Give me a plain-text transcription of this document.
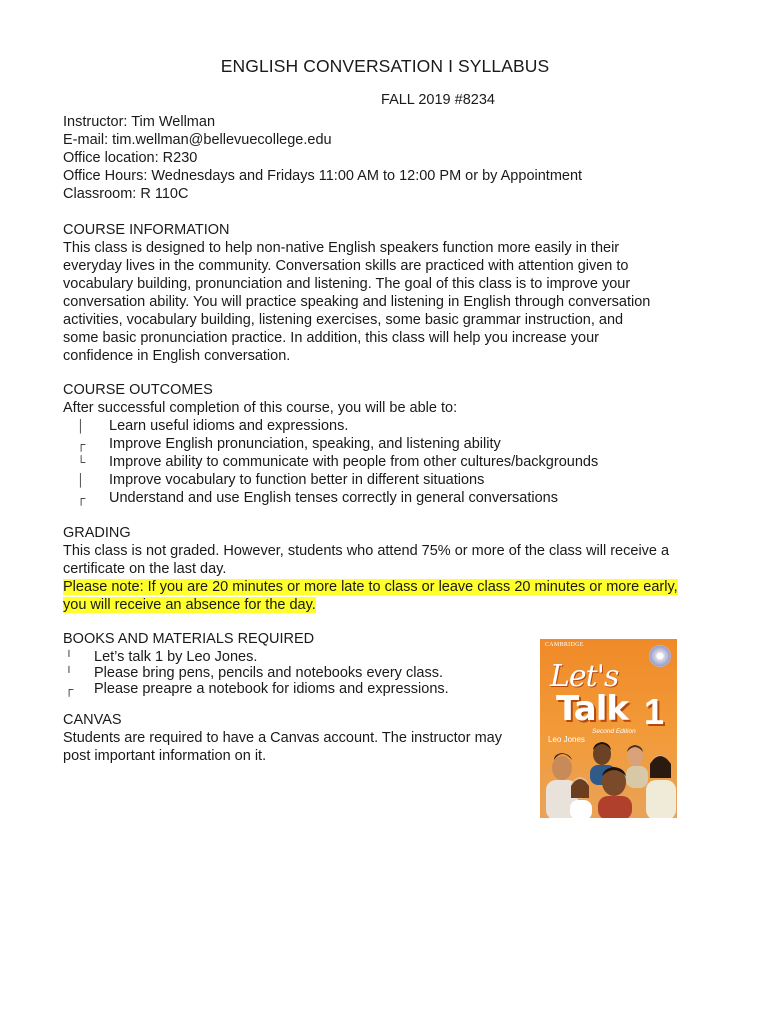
ENGLISH CONVERSATION I SYLLABUS
FALL 2019 #8234
Instructor: Tim Wellman
E-mail: tim.wellman@bellevuecollege.edu
Office location: R230
Office Hours: Wednesdays and Fridays 11:00 AM to 12:00 PM or by Appointment
Classroom: R 110C
COURSE INFORMATION
This class is designed to help non-native English speakers function more easily in their
everyday lives in the community. Conversation skills are practiced with attention given to
vocabulary building, pronunciation and listening. The goal of this class is to improve your
conversation ability. You will practice speaking and listening in English through conversation
activities, vocabulary building, listening exercises, some basic grammar instruction, and
some basic pronunciation practice. In addition, this class will help you increase your
confidence in English conversation.
COURSE OUTCOMES
After successful completion of this course, you will be able to:
│ Learn useful idioms and expressions.
┌ Improve English pronunciation, speaking, and listening ability
└ Improve ability to communicate with people from other cultures/backgrounds
│ Improve vocabulary to function better in different situations
┌ Understand and use English tenses correctly in general conversations
GRADING
This class is not graded. However, students who attend 75% or more of the class will receive a
certificate on the last day.
Please note: If you are 20 minutes or more late to class or leave class 20 minutes or more early,
you will receive an absence for the day.
BOOKS AND MATERIALS REQUIRED
╵ Let’s talk 1 by Leo Jones.
╵ Please bring pens, pencils and notebooks every class.
┌ Please preapre a notebook for idioms and expressions.
CANVAS
Students are required to have a Canvas account. The instructor may
post important information on it.
CAMBRIDGE
Let's
Talk 1
Second Edition
Leo Jones
